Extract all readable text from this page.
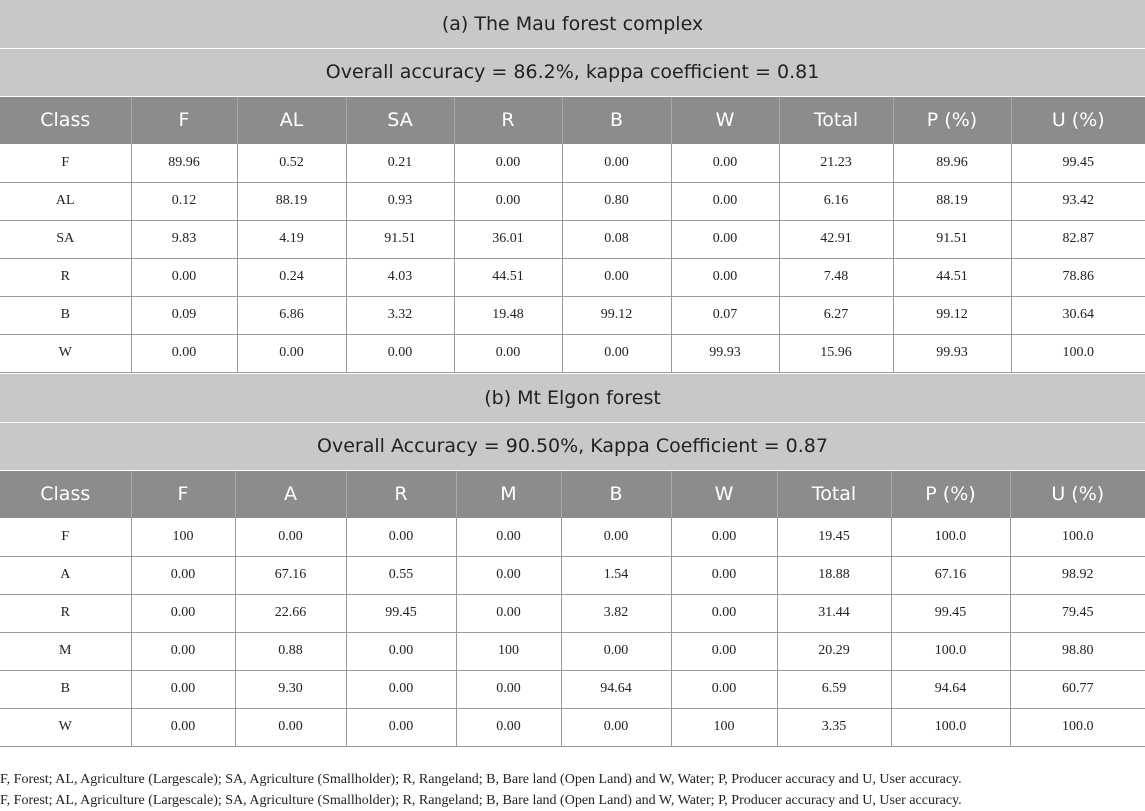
(a) The Mau forest complex									
Overall accuracy = 86.2%, kappa coefficient = 0.81									
Class	F	AL	SA	R	B	W	Total	P (%)	U (%)
F	89.96	0.52	0.21	0.00	0.00	0.00	21.23	89.96	99.45
AL	0.12	88.19	0.93	0.00	0.80	0.00	6.16	88.19	93.42
SA	9.83	4.19	91.51	36.01	0.08	0.00	42.91	91.51	82.87
R	0.00	0.24	4.03	44.51	0.00	0.00	7.48	44.51	78.86
B	0.09	6.86	3.32	19.48	99.12	0.07	6.27	99.12	30.64
W	0.00	0.00	0.00	0.00	0.00	99.93	15.96	99.93	100.0
(b) Mt Elgon forest									
Overall Accuracy = 90.50%, Kappa Coefficient = 0.87									
Class	F	A	R	M	B	W	Total	P (%)	U (%)
F	100	0.00	0.00	0.00	0.00	0.00	19.45	100.0	100.0
A	0.00	67.16	0.55	0.00	1.54	0.00	18.88	67.16	98.92
R	0.00	22.66	99.45	0.00	3.82	0.00	31.44	99.45	79.45
M	0.00	0.88	0.00	100	0.00	0.00	20.29	100.0	98.80
B	0.00	9.30	0.00	0.00	94.64	0.00	6.59	94.64	60.77
W	0.00	0.00	0.00	0.00	0.00	100	3.35	100.0	100.0
F, Forest; AL, Agriculture (Largescale); SA, Agriculture (Smallholder); R, Rangeland; B, Bare land (Open Land) and W, Water; P, Producer accuracy and U, User accuracy.
F, Forest; AL, Agriculture (Largescale); SA, Agriculture (Smallholder); R, Rangeland; B, Bare land (Open Land) and W, Water; P, Producer accuracy and U, User accuracy.
